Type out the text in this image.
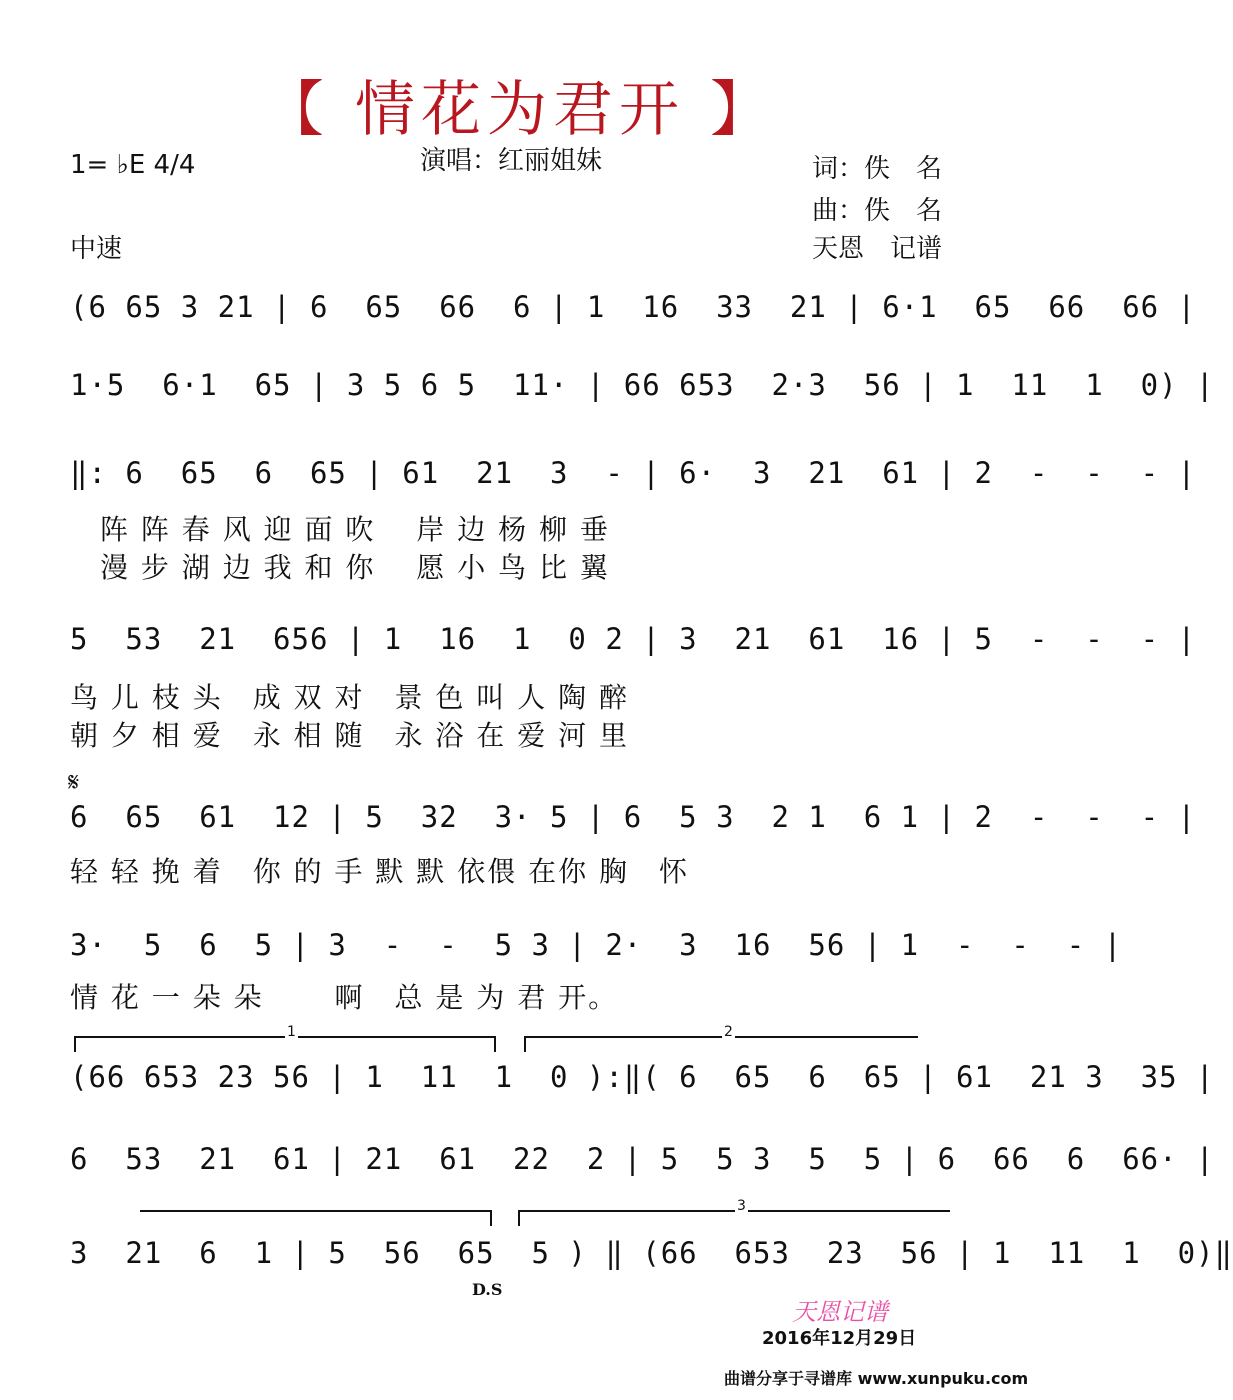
【 情花为君开 】
1= ♭E 4/4	演唱：红丽姐妹	词：佚　名
曲：佚　名
天恩　记谱
中速
(6 65 3 21 | 6  65  66  6 | 1  16  33  21 | 6·1  65  66  66 |
1·5  6·1  65 | 3 5 6 5  11· | 66 653  2·3  56 | 1  11  1  0) |
‖: 6  65  6  65 | 61  21  3  - | 6·  3  21  61 | 2  -  -  - |
　阵 阵 春 风 迎 面 吹　 岸 边 杨 柳 垂
　漫 步 湖 边 我 和 你　 愿 小 鸟 比 翼
5  53  21  656 | 1  16  1  0 2 | 3  21  61  16 | 5  -  -  - |
鸟 儿 枝 头　成 双 对　景 色 叫 人 陶 醉
朝 夕 相 爱　永 相 随　永 浴 在 爱 河 里
𝄋
6  65  61  12 | 5  32  3· 5 | 6  5 3  2 1  6 1 | 2  -  -  - |
轻 轻 挽 着　你 的 手 默 默 依偎 在你 胸　怀
3·  5  6  5 | 3  -  -  5 3 | 2·  3  16  56 | 1  -  -  - |
情 花 一 朵 朵　　 啊　总 是 为 君 开。
1	2
(66 653 23 56 | 1  11  1  0 ):‖( 6  65  6  65 | 61  21 3  35 |
6  53  21  61 | 21  61  22  2 | 5  5 3  5  5 | 6  66  6  66· |
3
3  21  6  1 | 5  56  65  5 ) ‖ (66  653  23  56 | 1  11  1  0)‖
D.S
天恩记谱
2016年12月29日
曲谱分享于寻谱库 www.xunpuku.com
